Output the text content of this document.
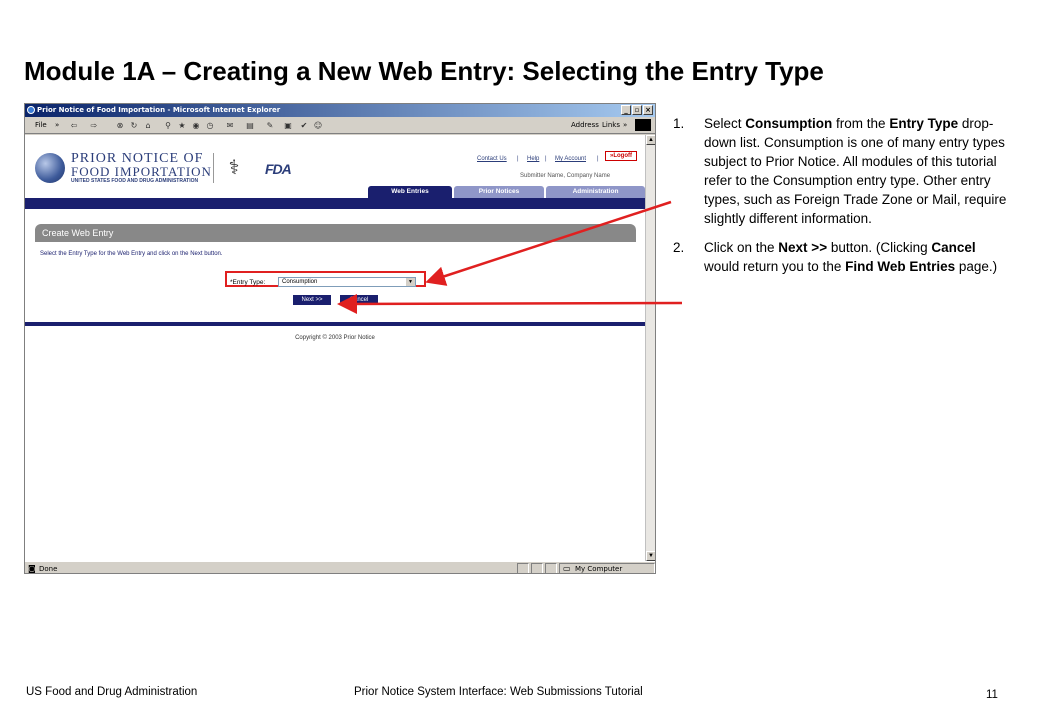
Module 1A – Creating a New Web Entry: Selecting the Entry Type
Prior Notice of Food Importation - Microsoft Internet Explorer	_ ▫ ×
File » ⇦ ⇨ ⊗ ↻	⌂	⚲ ★ ◉ ◷ ✉ ▤ ✎ ▣ ✔ ☺	Address Links »
PRIOR NOTICE OF
FOOD IMPORTATION
UNITED STATES FOOD AND DRUG ADMINISTRATION
⚕	FDA
Contact Us | Help | My Account |	»Logoff
Submitter Name, Company Name
Web Entries	Prior Notices	Administration
Create Web Entry
Select the Entry Type for the Web Entry and click on the Next button.
*Entry Type:	Consumption	▼
Next >>	Cancel
Copyright © 2003 Prior Notice
▲
▼
◙ Done	▭ My Computer
1. Select Consumption from the Entry Type drop-down list. Consumption is one of many entry types subject to Prior Notice. All modules of this tutorial refer to the Consumption entry type. Other entry types, such as Foreign Trade Zone or Mail, require slightly different information.
2. Click on the Next >> button. (Clicking Cancel would return you to the Find Web Entries page.)
US Food and Drug Administration	Prior Notice System Interface: Web Submissions Tutorial	11
